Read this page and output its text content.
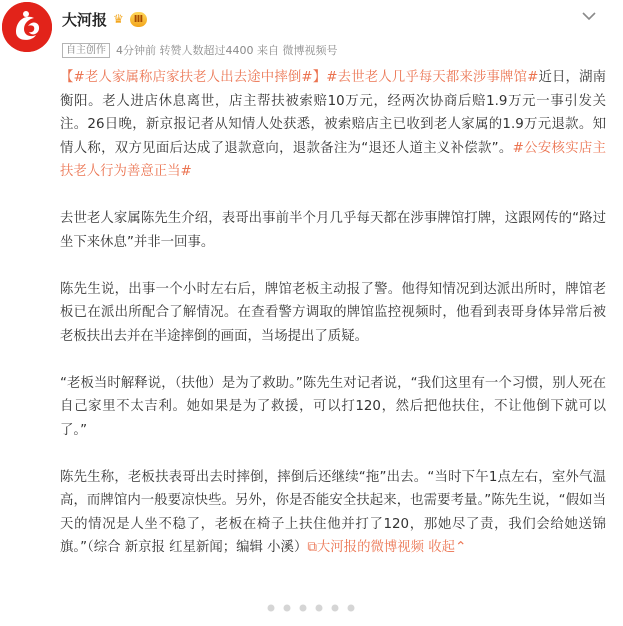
大河报 ♛	Ⅲ
自主创作 4分钟前 转赞人数超过4400 来自 微博视频号

【#老人家属称店家扶老人出去途中摔倒#】#去世老人几乎每天都来涉事牌馆#近日，湖南衡阳。老人进店休息离世，店主帮扶被索赔10万元，经两次协商后赔1.9万元一事引发关注。26日晚，新京报记者从知情人处获悉，被索赔店主已收到老人家属的1.9万元退款。知情人称，双方见面后达成了退款意向，退款备注为“退还人道主义补偿款”。#公安核实店主扶老人行为善意正当#

去世老人家属陈先生介绍，表哥出事前半个月几乎每天都在涉事牌馆打牌，这跟网传的“路过坐下来休息”并非一回事。

陈先生说，出事一个小时左右后，牌馆老板主动报了警。他得知情况到达派出所时，牌馆老板已在派出所配合了解情况。在查看警方调取的牌馆监控视频时，他看到表哥身体异常后被老板扶出去并在半途摔倒的画面，当场提出了质疑。

“老板当时解释说，（扶他）是为了救助。”陈先生对记者说，“我们这里有一个习惯，别人死在自己家里不太吉利。她如果是为了救援，可以打120，然后把他扶住，不让他倒下就可以了。”

陈先生称，老板扶表哥出去时摔倒，摔倒后还继续“拖”出去。“当时下午1点左右，室外气温高，而牌馆内一般要凉快些。另外，你是否能安全扶起来，也需要考量。”陈先生说，“假如当天的情况是人坐不稳了，老板在椅子上扶住他并打了120，那她尽了责，我们会给她送锦旗。”（综合 新京报 红星新闻；编辑 小溪）⧉大河报的微博视频 收起⌃
